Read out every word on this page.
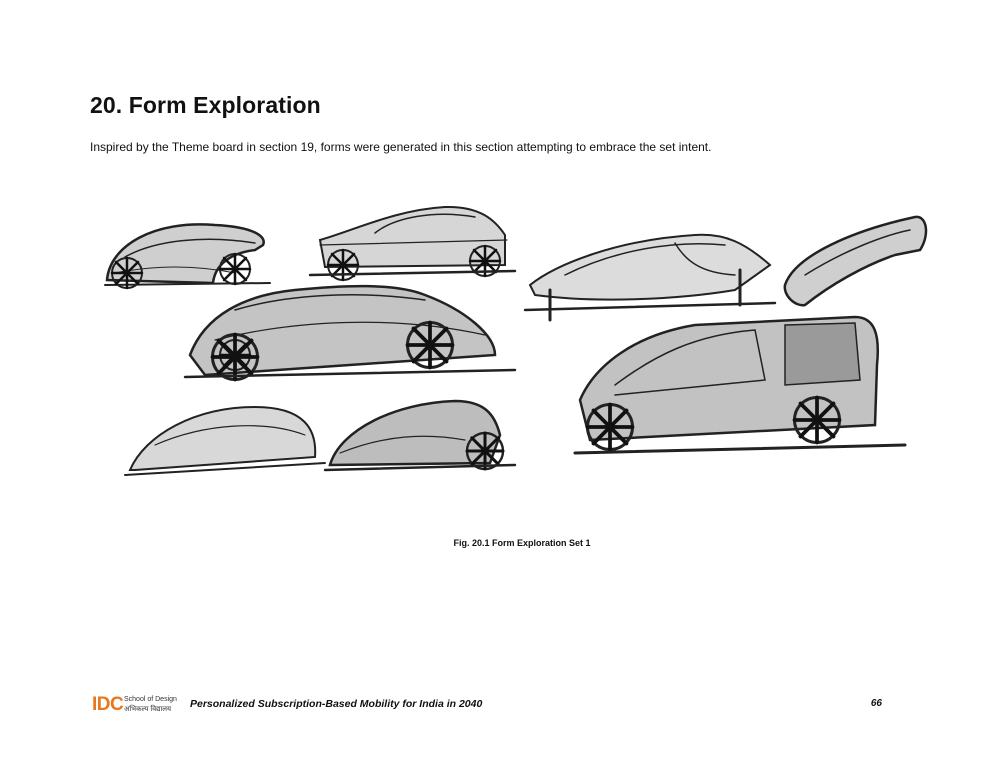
20. Form Exploration

Inspired by the Theme board in section 19, forms were generated in this section attempting to embrace the set intent.

Fig. 20.1 Form Exploration Set 1
IDC School of Design
अभिकल्प विद्यालय Personalized Subscription-Based Mobility for India in 2040	66
